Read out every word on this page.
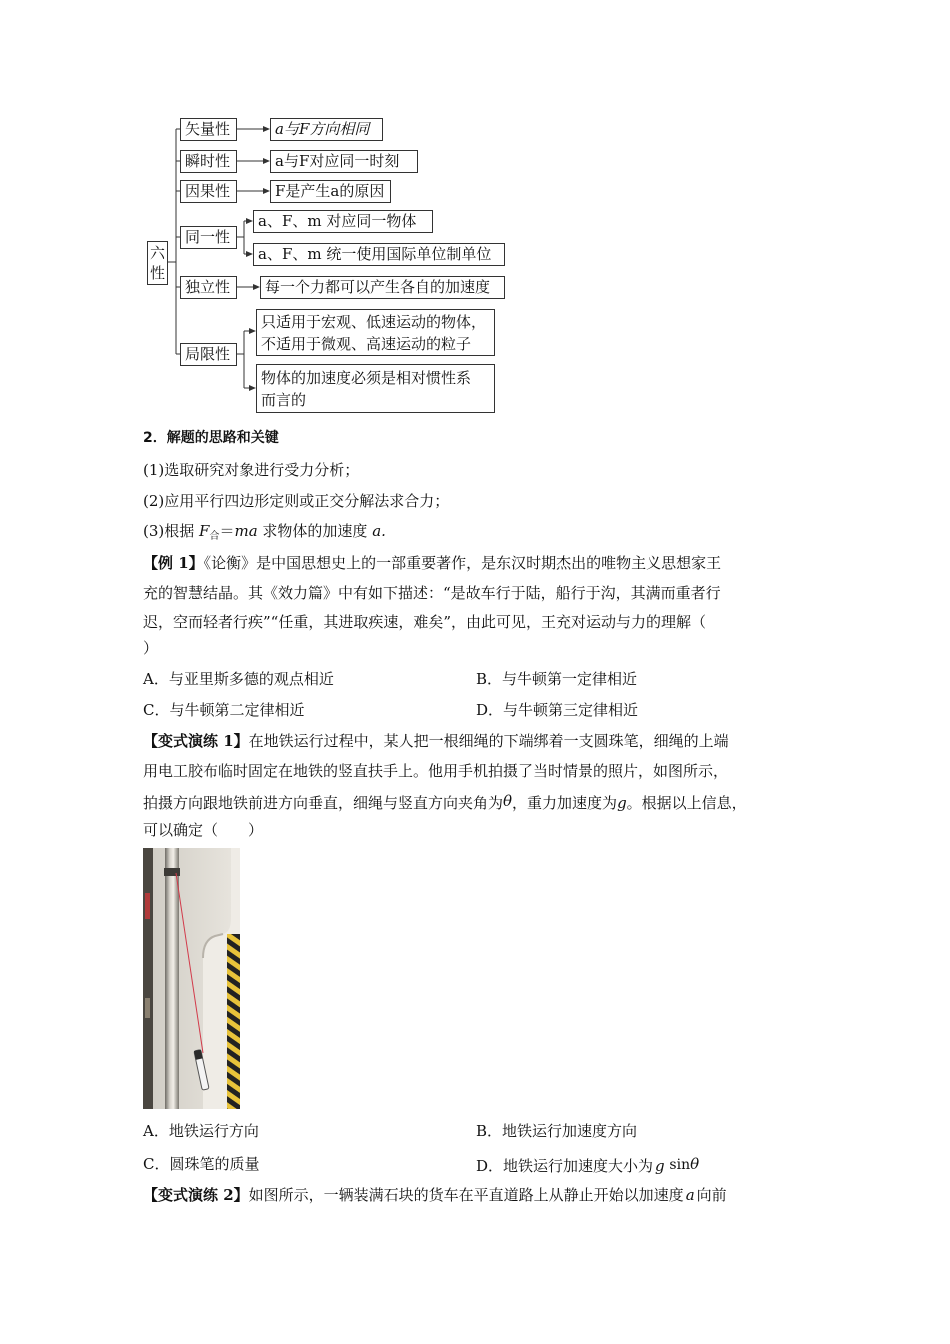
六性
矢量性	a与F方向相同
瞬时性	a与F对应同一时刻
因果性	F是产生a的原因
同一性
a、F、m 对应同一物体
a、F、m 统一使用国际单位制单位
独立性	每一个力都可以产生各自的加速度
局限性
只适用于宏观、低速运动的物体，
不适用于微观、高速运动的粒子
物体的加速度必须是相对惯性系
而言的
2．解题的思路和关键
(1)选取研究对象进行受力分析；
(2)应用平行四边形定则或正交分解法求合力；
(3)根据 $F_合=ma$ 求物体的加速度 a.
【例 1】《论衡》是中国思想史上的一部重要著作，是东汉时期杰出的唯物主义思想家王
充的智慧结晶。其《效力篇》中有如下描述：“是故车行于陆，船行于沟，其满而重者行
迟，空而轻者行疾”“任重，其进取疾速，难矣”，由此可见，王充对运动与力的理解（
）
A．与亚里斯多德的观点相近	B．与牛顿第一定律相近
C．与牛顿第二定律相近	D．与牛顿第三定律相近
【变式演练 1】在地铁运行过程中，某人把一根细绳的下端绑着一支圆珠笔，细绳的上端
用电工胶布临时固定在地铁的竖直扶手上。他用手机拍摄了当时情景的照片，如图所示，
拍摄方向跟地铁前进方向垂直，细绳与竖直方向夹角为θ，重力加速度为g。根据以上信息，
可以确定（　　）
A．地铁运行方向	B．地铁运行加速度方向
C．圆珠笔的质量	D．地铁运行加速度大小为 g sinθ
【变式演练 2】如图所示，一辆装满石块的货车在平直道路上从静止开始以加速度 a 向前
